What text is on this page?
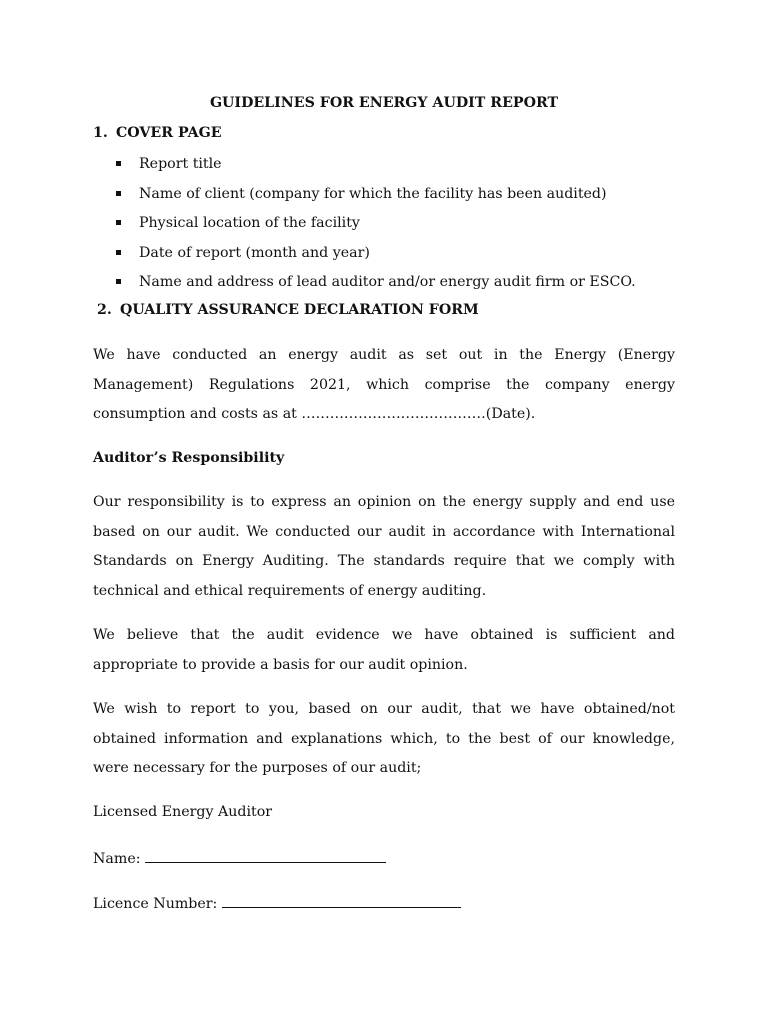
GUIDELINES FOR ENERGY AUDIT REPORT
1. COVER PAGE
Report title
Name of client (company for which the facility has been audited)
Physical location of the facility
Date of report (month and year)
Name and address of lead auditor and/or energy audit firm or ESCO.
2. QUALITY ASSURANCE DECLARATION FORM

We have conducted an energy audit as set out in the Energy (Energy Management) Regulations 2021, which comprise the company energy consumption and costs as at …………………………………(Date).

Auditor’s Responsibility

Our responsibility is to express an opinion on the energy supply and end use based on our audit. We conducted our audit in accordance with International Standards on Energy Auditing. The standards require that we comply with technical and ethical requirements of energy auditing.

We believe that the audit evidence we have obtained is sufficient and appropriate to provide a basis for our audit opinion.

We wish to report to you, based on our audit, that we have obtained/not obtained information and explanations which, to the best of our knowledge, were necessary for the purposes of our audit;

Licensed Energy Auditor

Name:
Licence Number:
